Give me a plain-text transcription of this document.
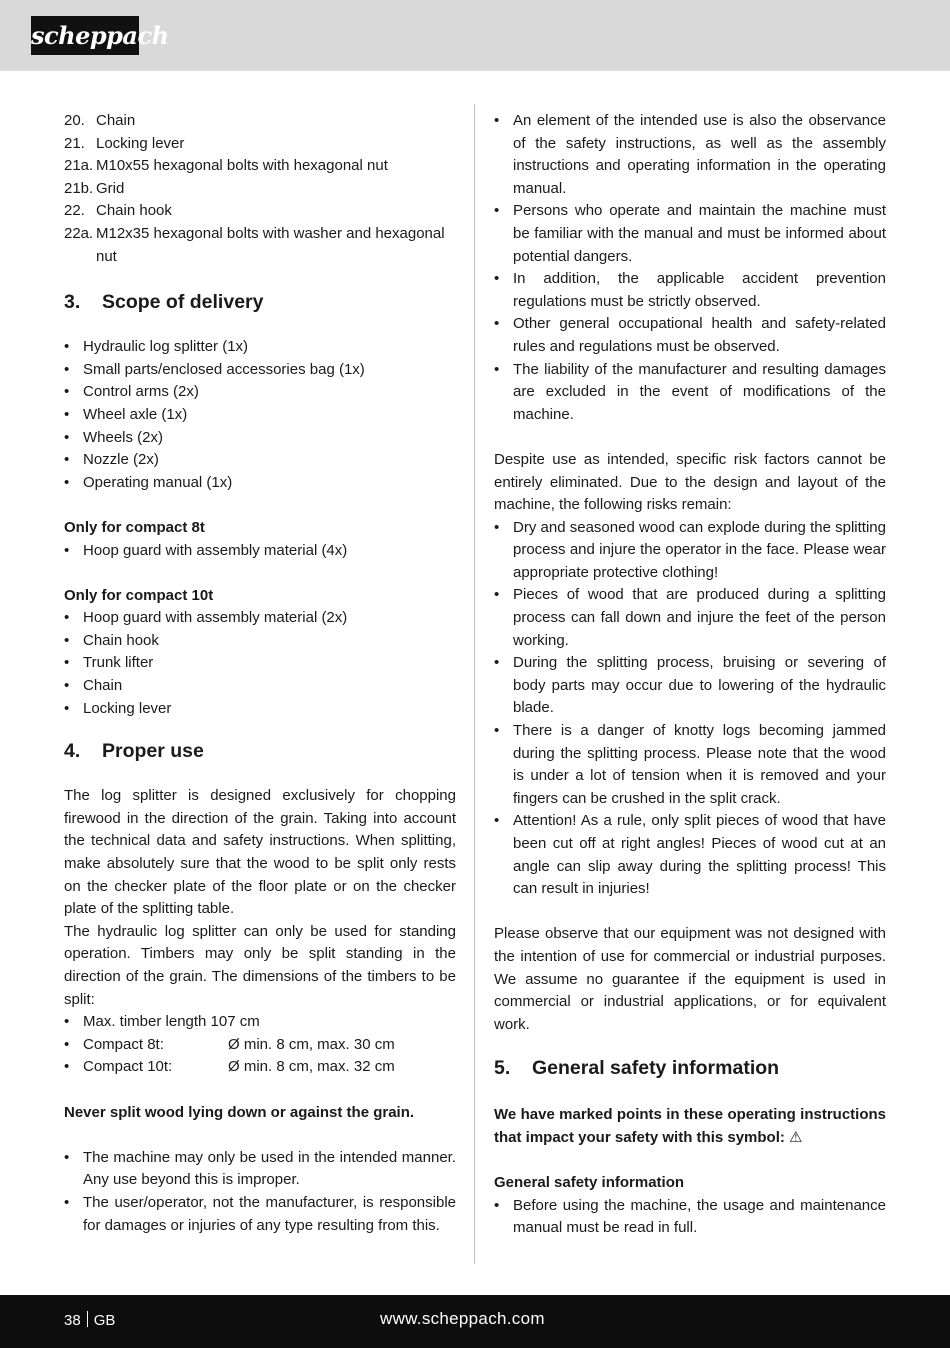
scheppach
20. Chain
21. Locking lever
21a. M10x55 hexagonal bolts with hexagonal nut
21b. Grid
22. Chain hook
22a. M12x35 hexagonal bolts with washer and hexagonal nut
3. Scope of delivery
• Hydraulic log splitter (1x)
• Small parts/enclosed accessories bag (1x)
• Control arms (2x)
• Wheel axle (1x)
• Wheels (2x)
• Nozzle (2x)
• Operating manual (1x)

Only for compact 8t

• Hoop guard with assembly material (4x)

Only for compact 10t

• Hoop guard with assembly material (2x)
• Chain hook
• Trunk lifter
• Chain
• Locking lever
4. Proper use

The log splitter is designed exclusively for chopping firewood in the direction of the grain. Taking into account the technical data and safety instructions. When splitting, make absolutely sure that the wood to be split only rests on the checker plate of the floor plate or on the checker plate of the splitting table.

The hydraulic log splitter can only be used for standing operation. Timbers may only be split standing in the direction of the grain. The dimensions of the timbers to be split:

• Max. timber length 107 cm
• Compact 8t:	Ø min. 8 cm, max. 30 cm
• Compact 10t:	Ø min. 8 cm, max. 32 cm

Never split wood lying down or against the grain.

• The machine may only be used in the intended manner. Any use beyond this is improper.
• The user/operator, not the manufacturer, is responsible for damages or injuries of any type resulting from this.
• An element of the intended use is also the observance of the safety instructions, as well as the assembly instructions and operating information in the operating manual.
• Persons who operate and maintain the machine must be familiar with the manual and must be informed about potential dangers.
• In addition, the applicable accident prevention regulations must be strictly observed.
• Other general occupational health and safety-related rules and regulations must be observed.
• The liability of the manufacturer and resulting damages are excluded in the event of modifications of the machine.

Despite use as intended, specific risk factors cannot be entirely eliminated. Due to the design and layout of the machine, the following risks remain:

• Dry and seasoned wood can explode during the splitting process and injure the operator in the face. Please wear appropriate protective clothing!
• Pieces of wood that are produced during a splitting process can fall down and injure the feet of the person working.
• During the splitting process, bruising or severing of body parts may occur due to lowering of the hydraulic blade.
• There is a danger of knotty logs becoming jammed during the splitting process. Please note that the wood is under a lot of tension when it is removed and your fingers can be crushed in the split crack.
• Attention! As a rule, only split pieces of wood that have been cut off at right angles! Pieces of wood cut at an angle can slip away during the splitting process! This can result in injuries!

Please observe that our equipment was not designed with the intention of use for commercial or industrial purposes. We assume no guarantee if the equipment is used in commercial or industrial applications, or for equivalent work.

5. General safety information

We have marked points in these operating instructions that impact your safety with this symbol: ⚠

General safety information

• Before using the machine, the usage and maintenance manual must be read in full.
38 GB	www.scheppach.com
